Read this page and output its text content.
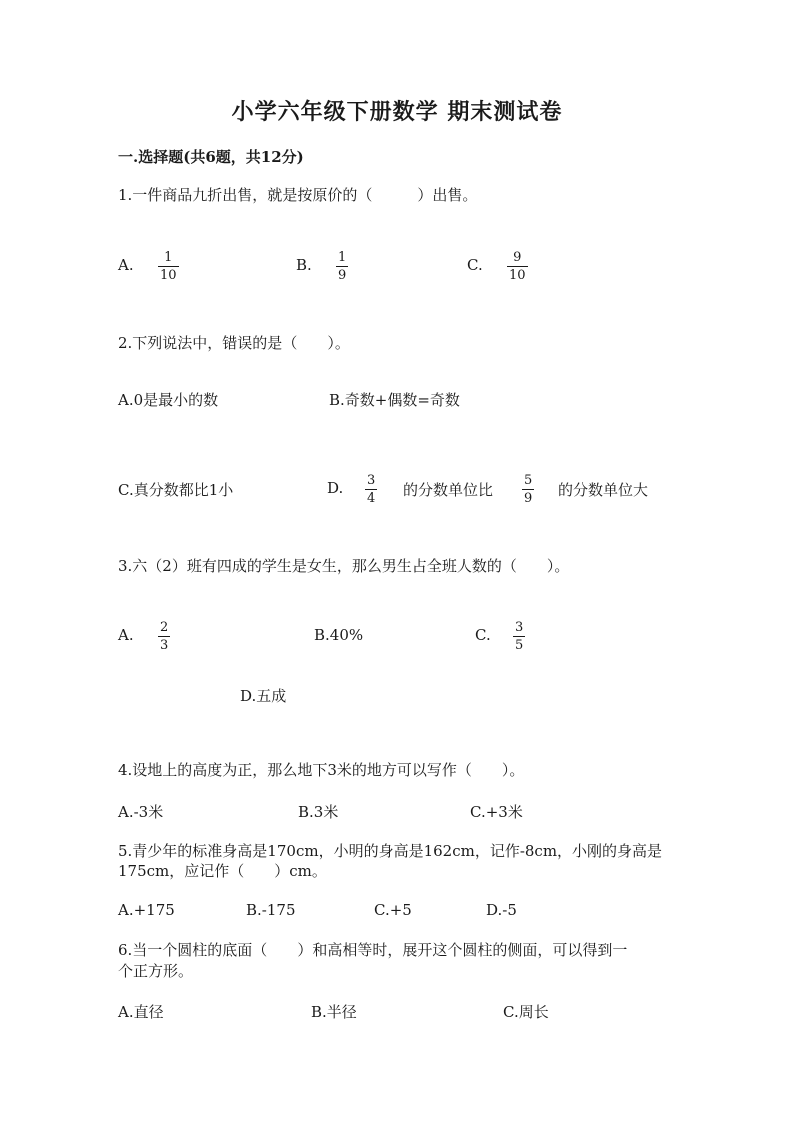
小学六年级下册数学 期末测试卷
一.选择题(共6题，共12分)
1.一件商品九折出售，就是按原价的（　　　）出售。
A.	1
10
B. 1
9
C.	9
10
2.下列说法中，错误的是（　　）。
A.0是最小的数	B.奇数+偶数=奇数
C.真分数都比1小	D. 3
4 的分数单位比
5
9 的分数单位大
3.六（2）班有四成的学生是女生，那么男生占全班人数的（　　）。
A. 2
3
B.40%	C. 3
5
D.五成
4.设地上的高度为正，那么地下3米的地方可以写作（　　）。
A.-3米	B.3米	C.+3米
5.青少年的标准身高是170cm，小明的身高是162cm，记作-8cm，小刚的身高是
175cm，应记作（　　）cm。
A.+175	B.-175	C.+5	D.-5
6.当一个圆柱的底面（　　）和高相等时，展开这个圆柱的侧面，可以得到一
个正方形。
A.直径	B.半径	C.周长
